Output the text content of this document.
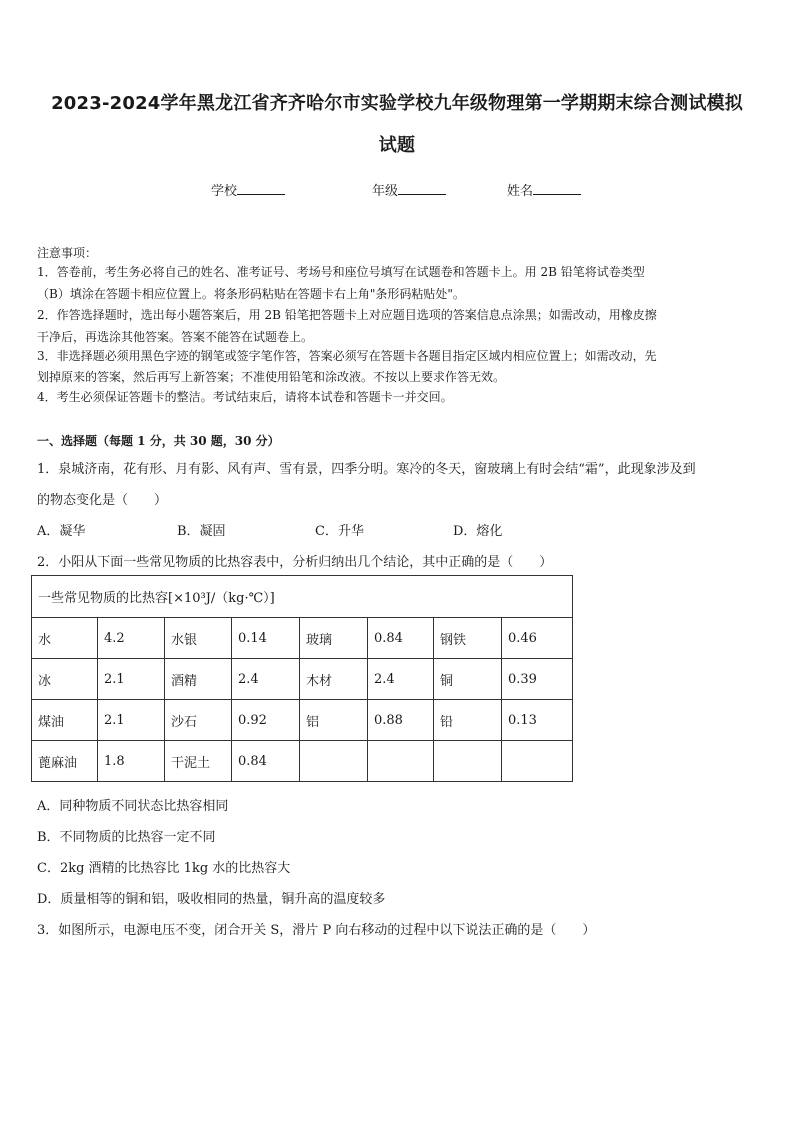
2023-2024学年黑龙江省齐齐哈尔市实验学校九年级物理第一学期期末综合测试模拟
试题
学校	年级	姓名
注意事项：
1．答卷前，考生务必将自己的姓名、准考证号、考场号和座位号填写在试题卷和答题卡上。用 2B 铅笔将试卷类型
（B）填涂在答题卡相应位置上。将条形码粘贴在答题卡右上角"条形码粘贴处"。
2．作答选择题时，选出每小题答案后，用 2B 铅笔把答题卡上对应题目选项的答案信息点涂黑；如需改动，用橡皮擦
干净后，再选涂其他答案。答案不能答在试题卷上。
3．非选择题必须用黑色字迹的钢笔或签字笔作答，答案必须写在答题卡各题目指定区域内相应位置上；如需改动，先
划掉原来的答案，然后再写上新答案；不准使用铅笔和涂改液。不按以上要求作答无效。
4．考生必须保证答题卡的整洁。考试结束后，请将本试卷和答题卡一并交回。
一、选择题（每题 1 分，共 30 题，30 分）
1．泉城济南，花有形、月有影、风有声、雪有景，四季分明。寒冷的冬天，窗玻璃上有时会结“霜”，此现象涉及到
的物态变化是（　　）
A．凝华	B．凝固	C．升华	D．熔化
2．小阳从下面一些常见物质的比热容表中，分析归纳出几个结论，其中正确的是（　　）
一些常见物质的比热容[×10³J/（kg·℃）]							
水	4.2	水银	0.14	玻璃	0.84	钢铁	0.46
冰	2.1	酒精	2.4	木材	2.4	铜	0.39
煤油	2.1	沙石	0.92	铝	0.88	铅	0.13
蓖麻油	1.8	干泥土	0.84				
A．同种物质不同状态比热容相同
B．不同物质的比热容一定不同
C．2kg 酒精的比热容比 1kg 水的比热容大
D．质量相等的铜和铝，吸收相同的热量，铜升高的温度较多
3．如图所示，电源电压不变，闭合开关 S，滑片 P 向右移动的过程中以下说法正确的是（　　）
